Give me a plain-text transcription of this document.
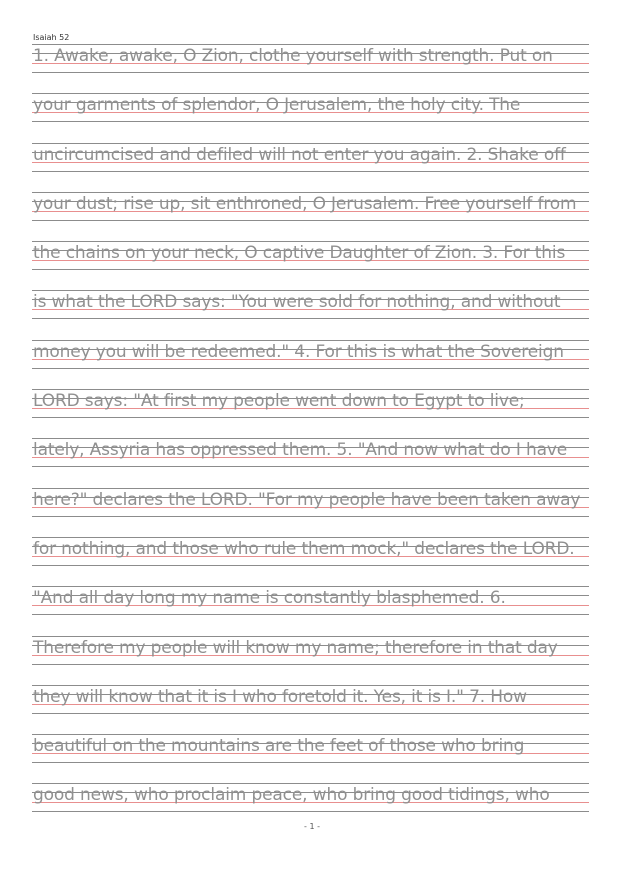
Isaiah 52
1. Awake, awake, O Zion, clothe yourself with strength. Put on
your garments of splendor, O Jerusalem, the holy city. The
uncircumcised and defiled will not enter you again. 2. Shake off
your dust; rise up, sit enthroned, O Jerusalem. Free yourself from
the chains on your neck, O captive Daughter of Zion. 3. For this
is what the LORD says: "You were sold for nothing, and without
money you will be redeemed." 4. For this is what the Sovereign
LORD says: "At first my people went down to Egypt to live;
lately, Assyria has oppressed them. 5. "And now what do I have
here?" declares the LORD. "For my people have been taken away
for nothing, and those who rule them mock," declares the LORD.
"And all day long my name is constantly blasphemed. 6.
Therefore my people will know my name; therefore in that day
they will know that it is I who foretold it. Yes, it is I." 7. How
beautiful on the mountains are the feet of those who bring
good news, who proclaim peace, who bring good tidings, who
- 1 -
